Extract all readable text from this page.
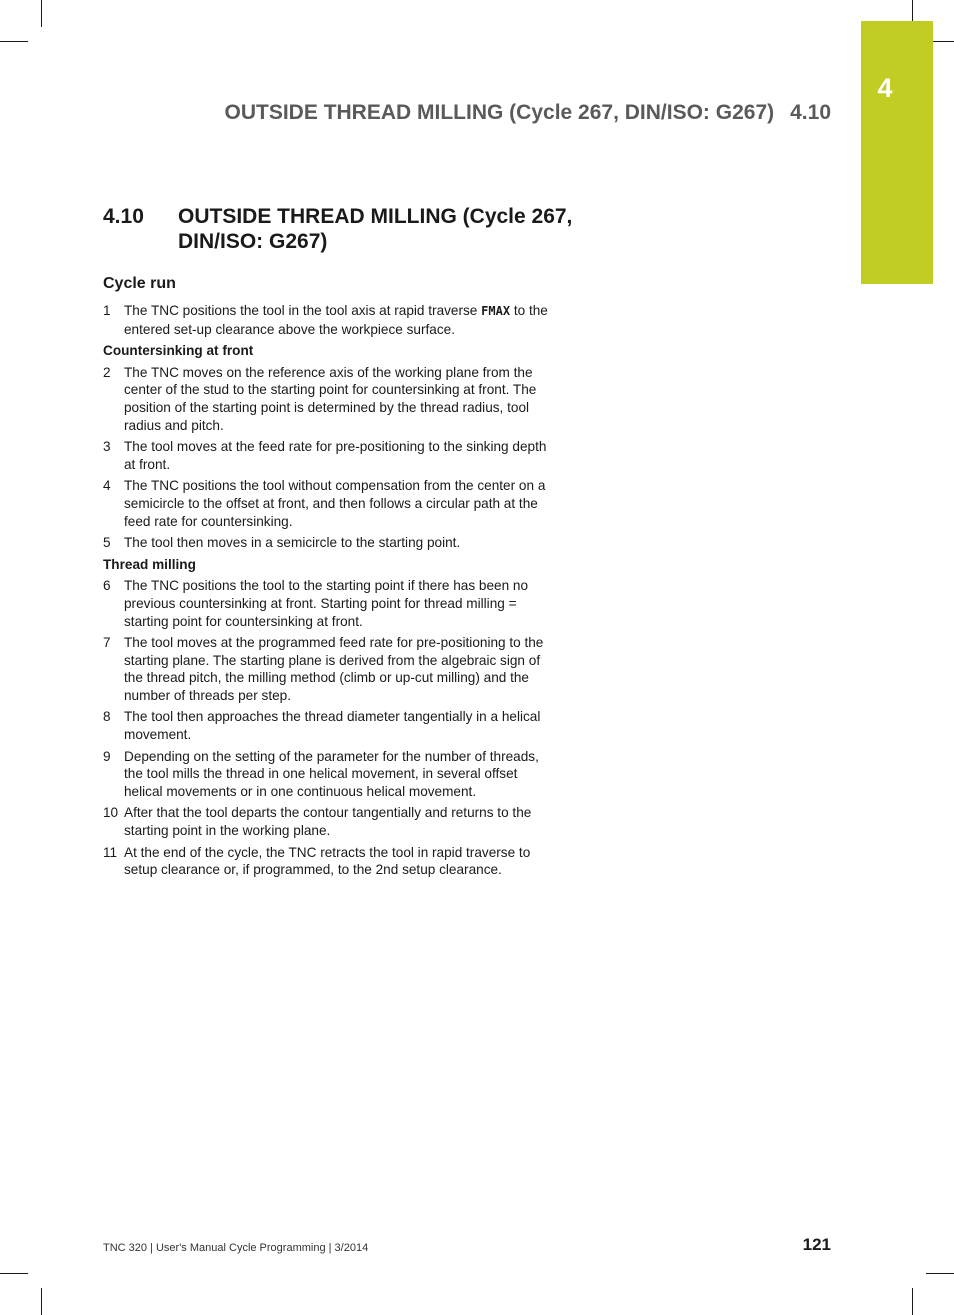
4
OUTSIDE THREAD MILLING (Cycle 267, DIN/ISO: G267) 4.10
4.10 OUTSIDE THREAD MILLING (Cycle 267, DIN/ISO: G267)
Cycle run
1 The TNC positions the tool in the tool axis at rapid traverse FMAX to the entered set-up clearance above the workpiece surface.
Countersinking at front
2 The TNC moves on the reference axis of the working plane from the center of the stud to the starting point for countersinking at front. The position of the starting point is determined by the thread radius, tool radius and pitch.
3 The tool moves at the feed rate for pre-positioning to the sinking depth at front.
4 The TNC positions the tool without compensation from the center on a semicircle to the offset at front, and then follows a circular path at the feed rate for countersinking.
5 The tool then moves in a semicircle to the starting point.
Thread milling
6 The TNC positions the tool to the starting point if there has been no previous countersinking at front. Starting point for thread milling = starting point for countersinking at front.
7 The tool moves at the programmed feed rate for pre-positioning to the starting plane. The starting plane is derived from the algebraic sign of the thread pitch, the milling method (climb or up-cut milling) and the number of threads per step.
8 The tool then approaches the thread diameter tangentially in a helical movement.
9 Depending on the setting of the parameter for the number of threads, the tool mills the thread in one helical movement, in several offset helical movements or in one continuous helical movement.
10 After that the tool departs the contour tangentially and returns to the starting point in the working plane.
11 At the end of the cycle, the TNC retracts the tool in rapid traverse to setup clearance or, if programmed, to the 2nd setup clearance.
TNC 320 | User's Manual Cycle Programming | 3/2014	121
